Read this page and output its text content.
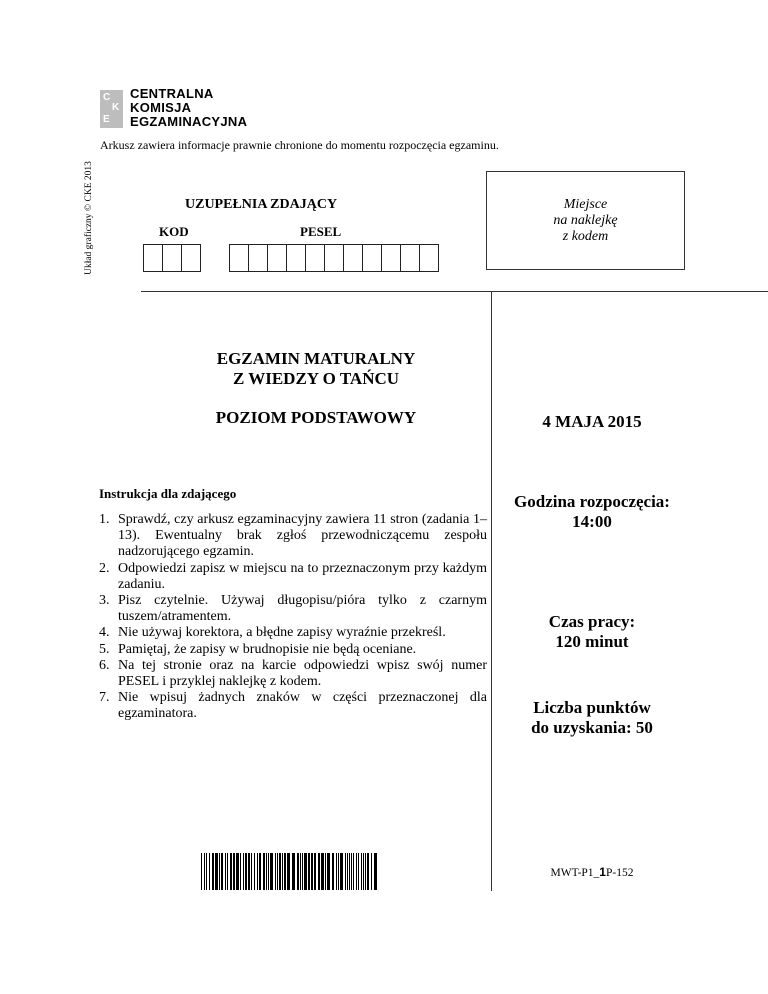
C
K
E
CENTRALNA
KOMISJA
EGZAMINACYJNA
Arkusz zawiera informacje prawnie chronione do momentu rozpoczęcia egzaminu.
Układ graficzny © CKE 2013	UZUPEŁNIA ZDAJĄCY
KOD	PESEL
Miejsce
na naklejkę
z kodem
EGZAMIN MATURALNY
Z WIEDZY O TAŃCU
POZIOM PODSTAWOWY	4 MAJA 2015
Instrukcja dla zdającego
1. Sprawdź, czy arkusz egzaminacyjny zawiera 11 stron (zadania 1–13). Ewentualny brak zgłoś przewodniczącemu zespołu nadzorującego egzamin.
2. Odpowiedzi zapisz w miejscu na to przeznaczonym przy każdym zadaniu.
3. Pisz czytelnie. Używaj długopisu/pióra tylko z czarnym tuszem/atramentem.
4. Nie używaj korektora, a błędne zapisy wyraźnie przekreśl.
5. Pamiętaj, że zapisy w brudnopisie nie będą oceniane.
6. Na tej stronie oraz na karcie odpowiedzi wpisz swój numer PESEL i przyklej naklejkę z kodem.
7. Nie wpisuj żadnych znaków w części przeznaczonej dla egzaminatora.
Godzina rozpoczęcia:
14:00
Czas pracy:
120 minut
Liczba punktów
do uzyskania: 50
MWT-P1_1P-152
